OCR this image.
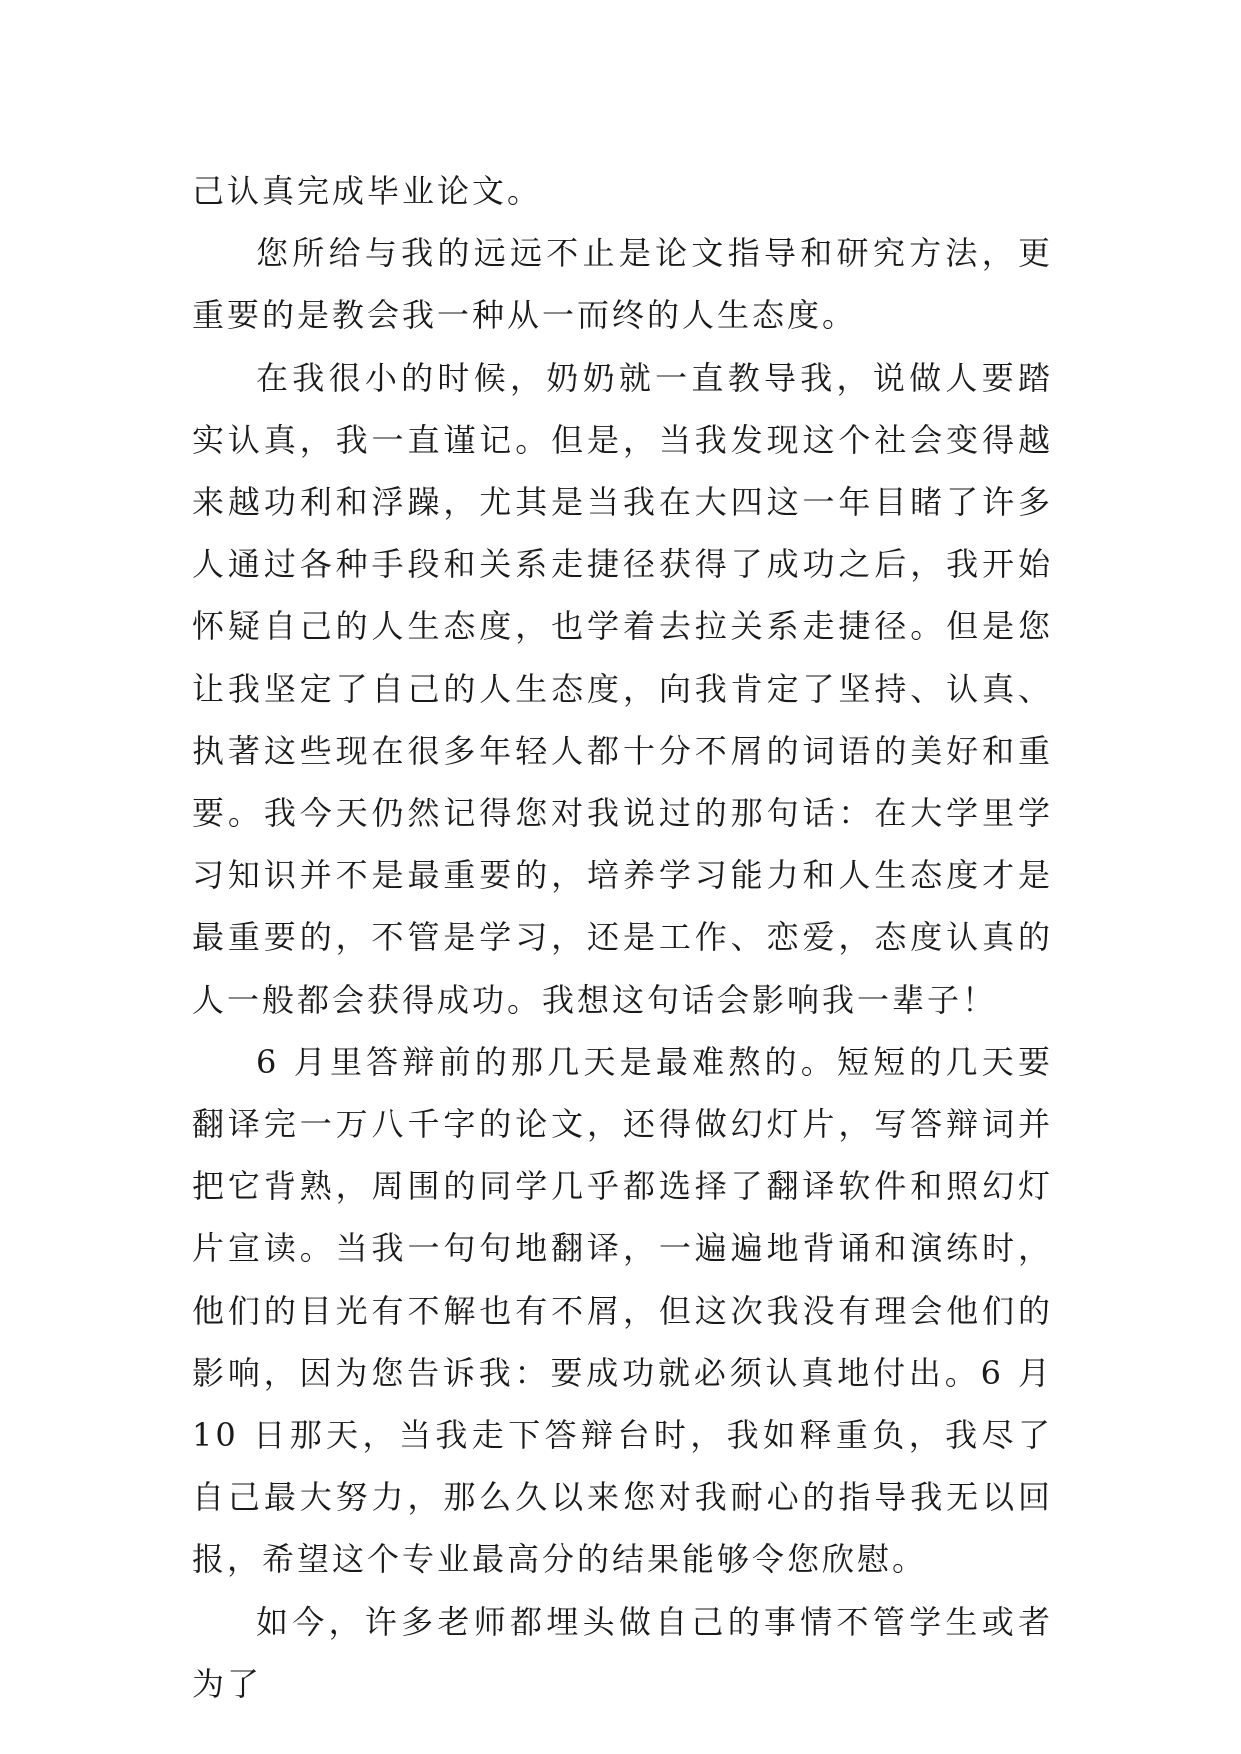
己认真完成毕业论文。

您所给与我的远远不止是论文指导和研究方法，更重要的是教会我一种从一而终的人生态度。

在我很小的时候，奶奶就一直教导我，说做人要踏实认真，我一直谨记。但是，当我发现这个社会变得越来越功利和浮躁，尤其是当我在大四这一年目睹了许多人通过各种手段和关系走捷径获得了成功之后，我开始怀疑自己的人生态度，也学着去拉关系走捷径。但是您让我坚定了自己的人生态度，向我肯定了坚持、认真、执著这些现在很多年轻人都十分不屑的词语的美好和重要。我今天仍然记得您对我说过的那句话：在大学里学习知识并不是最重要的，培养学习能力和人生态度才是最重要的，不管是学习，还是工作、恋爱，态度认真的人一般都会获得成功。我想这句话会影响我一辈子！

6 月里答辩前的那几天是最难熬的。短短的几天要翻译完一万八千字的论文，还得做幻灯片，写答辩词并把它背熟，周围的同学几乎都选择了翻译软件和照幻灯片宣读。当我一句句地翻译，一遍遍地背诵和演练时，他们的目光有不解也有不屑，但这次我没有理会他们的影响，因为您告诉我：要成功就必须认真地付出。6 月 10 日那天，当我走下答辩台时，我如释重负，我尽了自己最大努力，那么久以来您对我耐心的指导我无以回报，希望这个专业最高分的结果能够令您欣慰。

如今，许多老师都埋头做自己的事情不管学生或者为了
